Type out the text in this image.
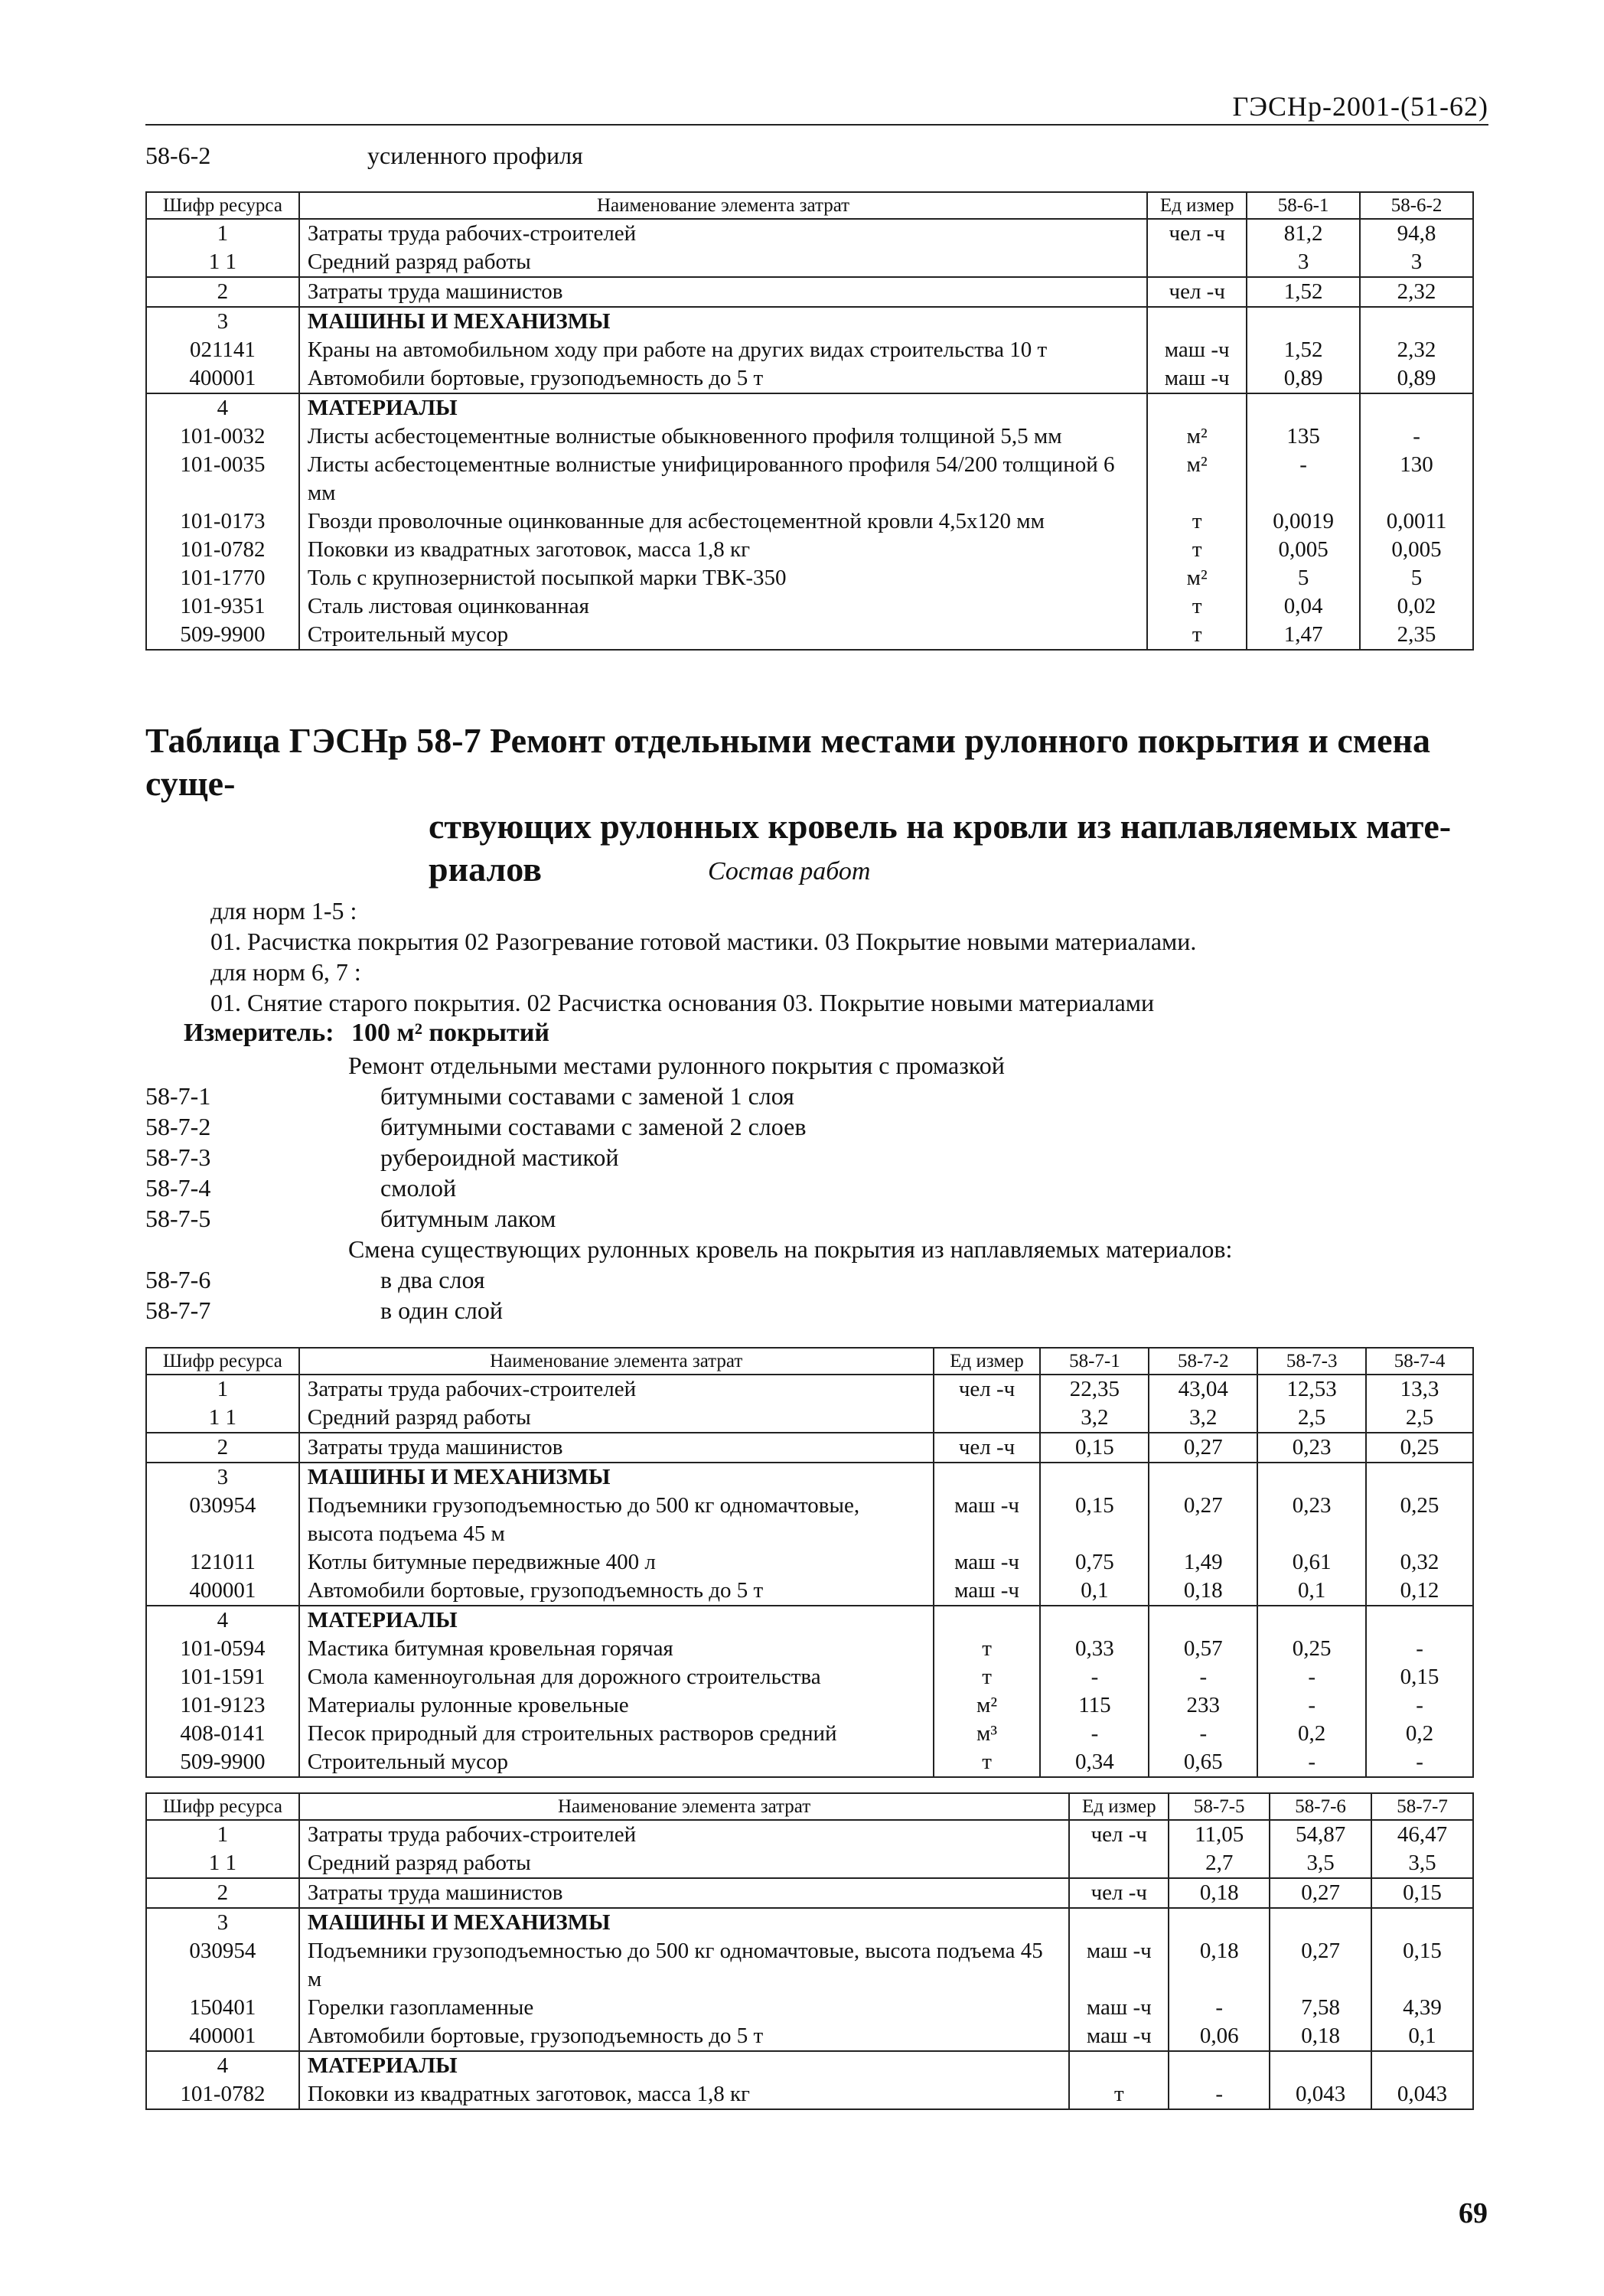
ГЭСНр-2001-(51-62)
58-6-2	усиленного профиля
Шифр ресурса	Наименование элемента затрат	Ед измер	58-6-1	58-6-2
1	Затраты труда рабочих-строителей	чел -ч	81,2	94,8
1 1	Средний разряд работы		3	3
2	Затраты труда машинистов	чел -ч	1,52	2,32
3	МАШИНЫ И МЕХАНИЗМЫ			
021141	Краны на автомобильном ходу при работе на других видах строительства 10 т	маш -ч	1,52	2,32
400001	Автомобили бортовые, грузоподъемность до 5 т	маш -ч	0,89	0,89
4	МАТЕРИАЛЫ			
101-0032	Листы асбестоцементные волнистые обыкновенного профиля толщиной 5,5 мм	м²	135	-
101-0035	Листы асбестоцементные волнистые унифицированного профиля 54/200 толщиной 6 мм	м²	-	130
101-0173	Гвозди проволочные оцинкованные для асбестоцементной кровли 4,5х120 мм	т	0,0019	0,0011
101-0782	Поковки из квадратных заготовок, масса 1,8 кг	т	0,005	0,005
101-1770	Толь с крупнозернистой посыпкой марки ТВК-350	м²	5	5
101-9351	Сталь листовая оцинкованная	т	0,04	0,02
509-9900	Строительный мусор	т	1,47	2,35
Таблица ГЭСНр 58-7 Ремонт отдельными местами рулонного покрытия и смена суще-
ствующих рулонных кровель на кровли из наплавляемых мате-
риалов	Состав работ
для норм 1-5 :
01. Расчистка покрытия 02 Разогревание готовой мастики. 03 Покрытие новыми материалами.
для норм 6, 7 :
01. Снятие старого покрытия. 02 Расчистка основания 03. Покрытие новыми материалами
Измеритель: 100 м² покрытий
Ремонт отдельными местами рулонного покрытия с промазкой
58-7-1	битумными составами с заменой 1 слоя
58-7-2	битумными составами с заменой 2 слоев
58-7-3	рубероидной мастикой
58-7-4	смолой
58-7-5	битумным лаком
Смена существующих рулонных кровель на покрытия из наплавляемых материалов:
58-7-6	в два слоя
58-7-7	в один слой
Шифр ресурса	Наименование элемента затрат	Ед измер	58-7-1	58-7-2	58-7-3	58-7-4
1	Затраты труда рабочих-строителей	чел -ч	22,35	43,04	12,53	13,3
1 1	Средний разряд работы		3,2	3,2	2,5	2,5
2	Затраты труда машинистов	чел -ч	0,15	0,27	0,23	0,25
3	МАШИНЫ И МЕХАНИЗМЫ					
030954	Подъемники грузоподъемностью до 500 кг одномачтовые, высота подъема 45 м	маш -ч	0,15	0,27	0,23	0,25
121011	Котлы битумные передвижные 400 л	маш -ч	0,75	1,49	0,61	0,32
400001	Автомобили бортовые, грузоподъемность до 5 т	маш -ч	0,1	0,18	0,1	0,12
4	МАТЕРИАЛЫ					
101-0594	Мастика битумная кровельная горячая	т	0,33	0,57	0,25	-
101-1591	Смола каменноугольная для дорожного строительства	т	-	-	-	0,15
101-9123	Материалы рулонные кровельные	м²	115	233	-	-
408-0141	Песок природный для строительных растворов средний	м³	-	-	0,2	0,2
509-9900	Строительный мусор	т	0,34	0,65	-	-
Шифр ресурса	Наименование элемента затрат	Ед измер	58-7-5	58-7-6	58-7-7
1	Затраты труда рабочих-строителей	чел -ч	11,05	54,87	46,47
1 1	Средний разряд работы		2,7	3,5	3,5
2	Затраты труда машинистов	чел -ч	0,18	0,27	0,15
3	МАШИНЫ И МЕХАНИЗМЫ				
030954	Подъемники грузоподъемностью до 500 кг одномачтовые, высота подъема 45 м	маш -ч	0,18	0,27	0,15
150401	Горелки газопламенные	маш -ч	-	7,58	4,39
400001	Автомобили бортовые, грузоподъемность до 5 т	маш -ч	0,06	0,18	0,1
4	МАТЕРИАЛЫ				
101-0782	Поковки из квадратных заготовок, масса 1,8 кг	т	-	0,043	0,043
69
